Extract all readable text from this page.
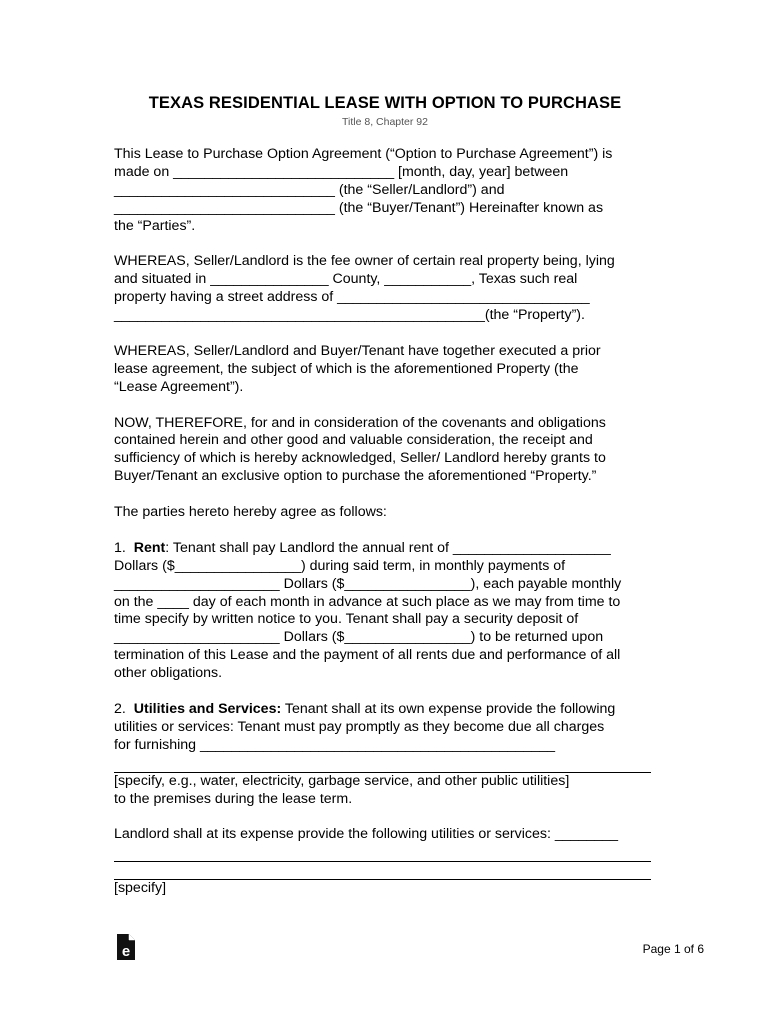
TEXAS RESIDENTIAL LEASE WITH OPTION TO PURCHASE
Title 8, Chapter 92
This Lease to Purchase Option Agreement (“Option to Purchase Agreement”) is
made on ____________________________ [month, day, year] between
____________________________ (the “Seller/Landlord”) and
____________________________ (the “Buyer/Tenant”) Hereinafter known as
the “Parties”.
WHEREAS, Seller/Landlord is the fee owner of certain real property being, lying
and situated in _______________ County, ___________, Texas such real
property having a street address of ________________________________
_______________________________________________(the “Property”).
WHEREAS, Seller/Landlord and Buyer/Tenant have together executed a prior
lease agreement, the subject of which is the aforementioned Property (the
“Lease Agreement”).
NOW, THEREFORE, for and in consideration of the covenants and obligations
contained herein and other good and valuable consideration, the receipt and
sufficiency of which is hereby acknowledged, Seller/ Landlord hereby grants to
Buyer/Tenant an exclusive option to purchase the aforementioned “Property.”
The parties hereto hereby agree as follows:
1. Rent: Tenant shall pay Landlord the annual rent of ____________________
Dollars ($________________) during said term, in monthly payments of
_____________________ Dollars ($________________), each payable monthly
on the ____ day of each month in advance at such place as we may from time to
time specify by written notice to you. Tenant shall pay a security deposit of
_____________________ Dollars ($________________) to be returned upon
termination of this Lease and the payment of all rents due and performance of all
other obligations.
2. Utilities and Services: Tenant shall at its own expense provide the following
utilities or services: Tenant must pay promptly as they become due all charges
for furnishing _____________________________________________
[specify, e.g., water, electricity, garbage service, and other public utilities]
to the premises during the lease term.
Landlord shall at its expense provide the following utilities or services: ________
[specify]
e	Page 1 of 6
